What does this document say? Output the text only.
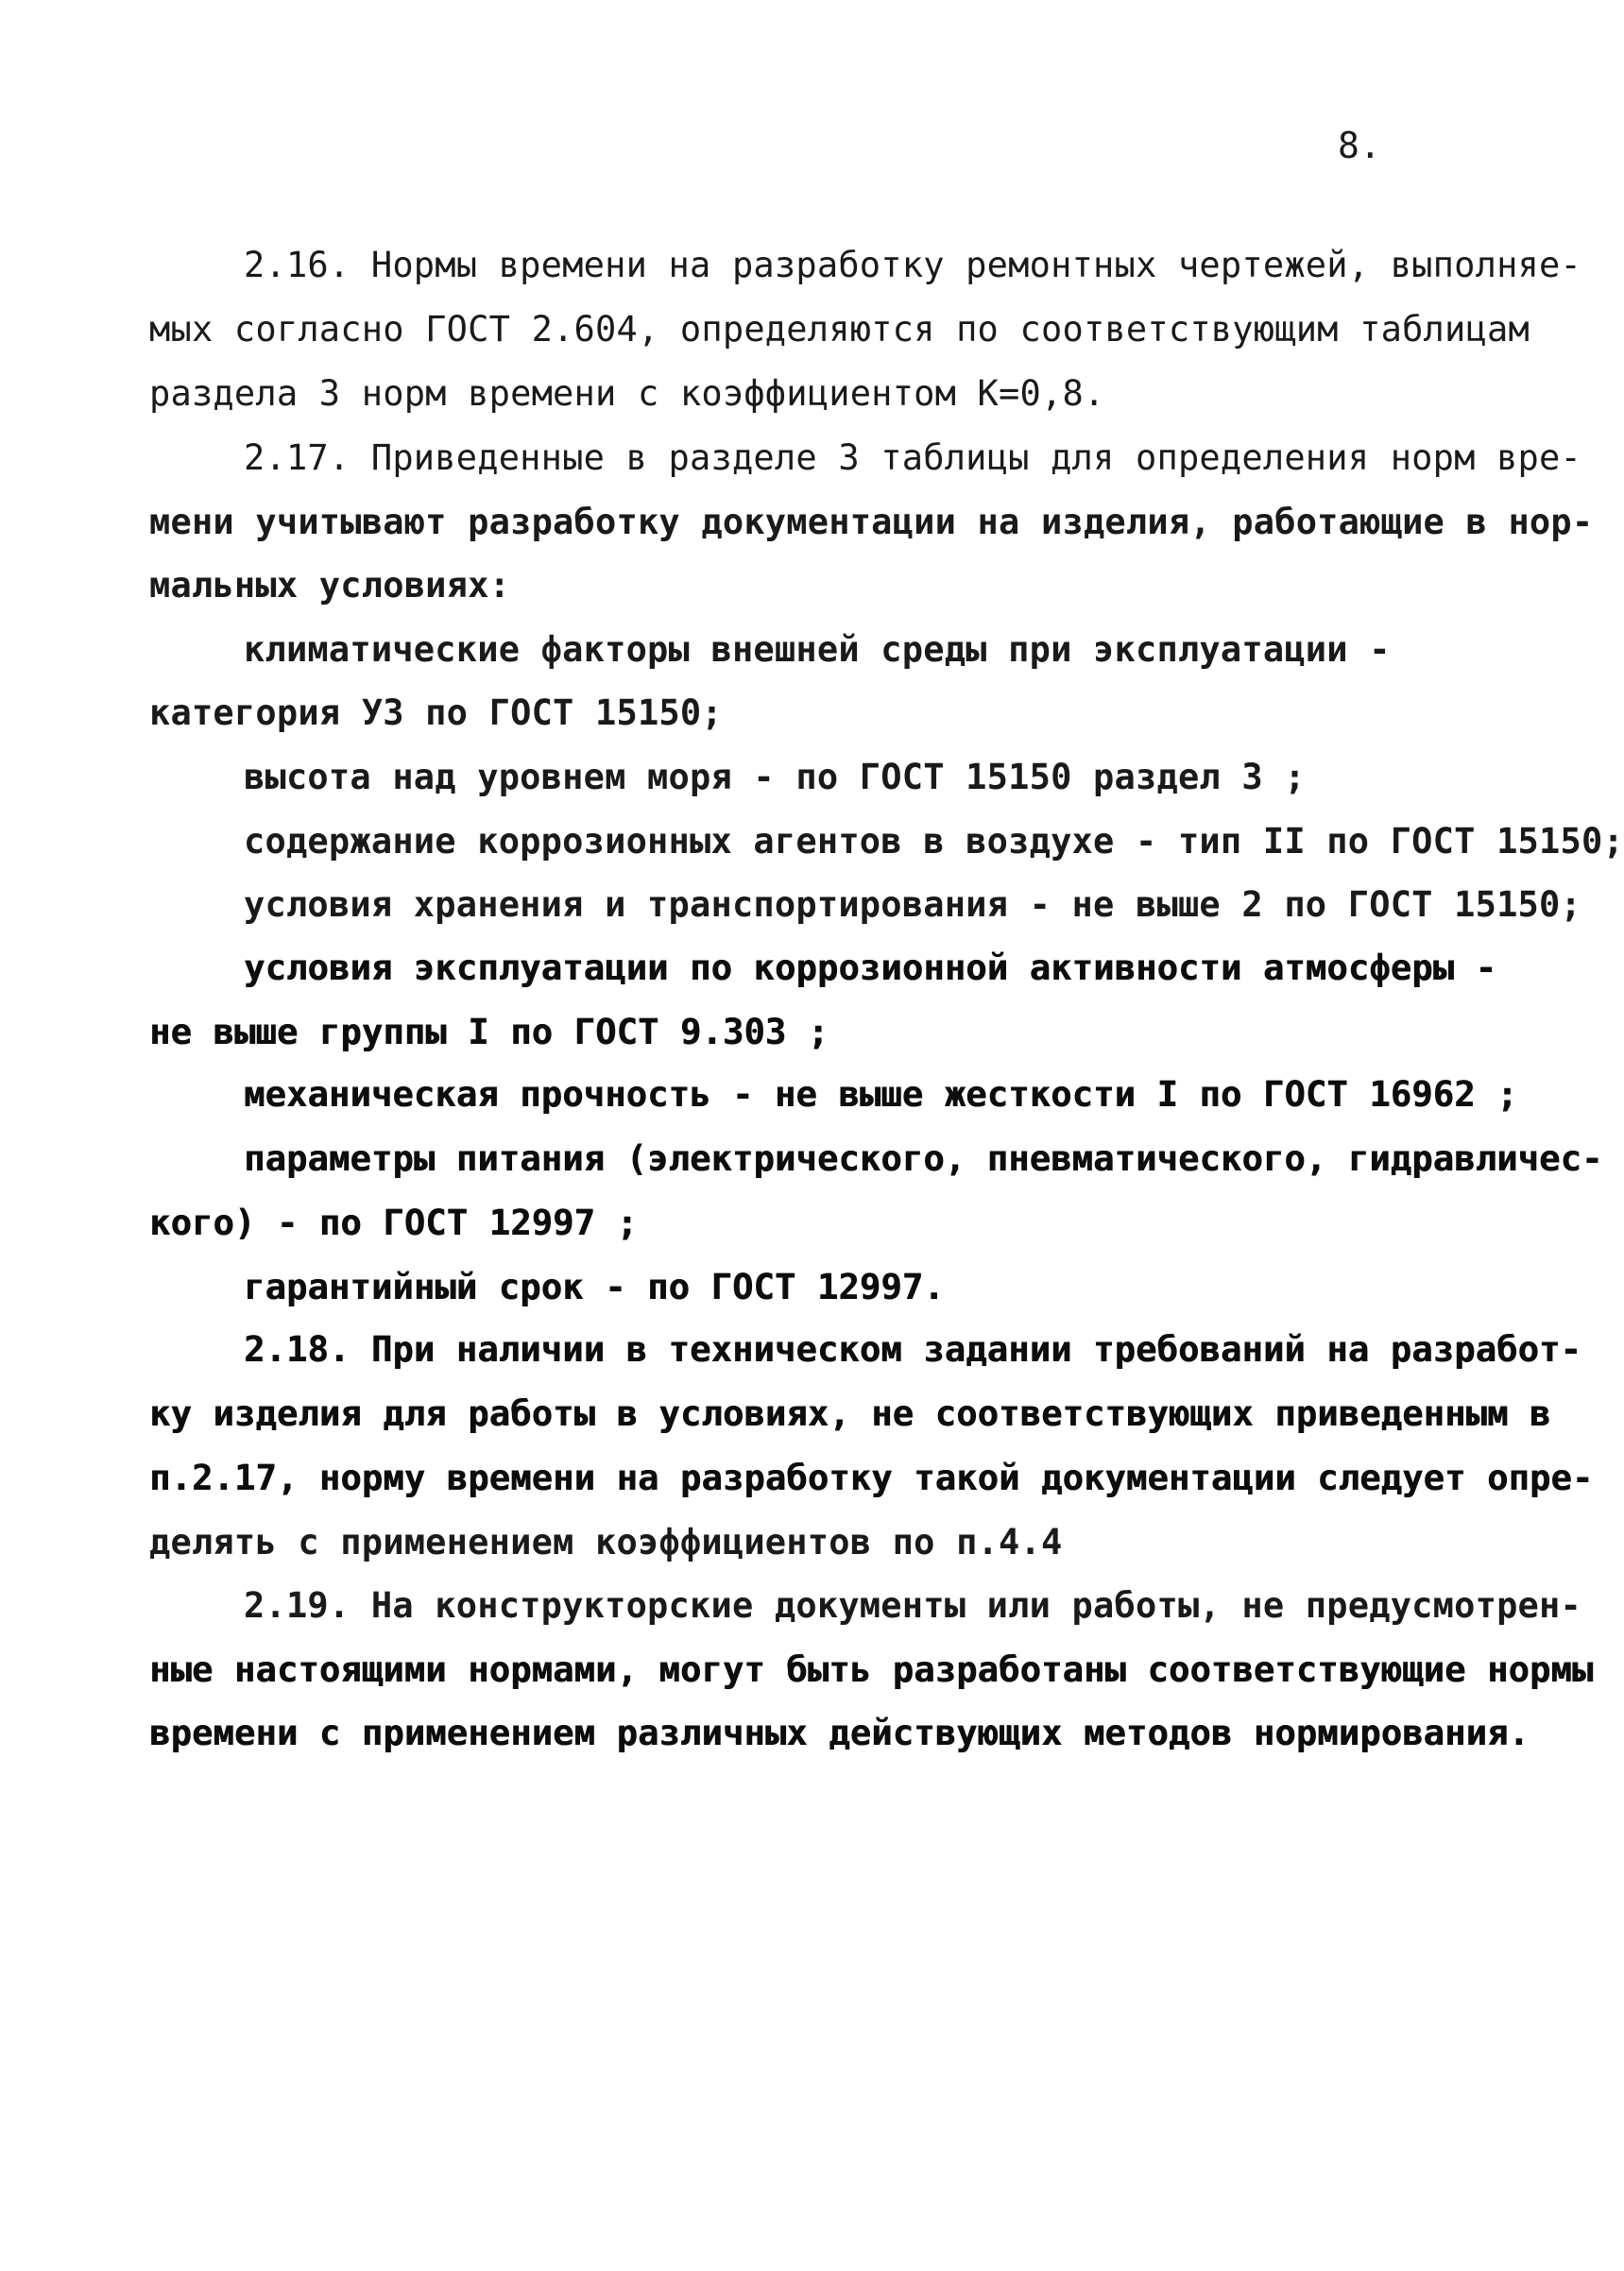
8.
2.16. Нормы времени на разработку ремонтных чертежей, выполняе-
мых согласно ГОСТ 2.604, определяются по соответствующим таблицам
раздела 3 норм времени с коэффициентом К=0,8.
2.17. Приведенные в разделе 3 таблицы для определения норм вре-
мени учитывают разработку документации на изделия, работающие в нор-
мальных условиях:
климатические факторы внешней среды при эксплуатации -
категория У3 по ГОСТ 15150;
высота над уровнем моря - по ГОСТ 15150 раздел 3 ;
содержание коррозионных агентов в воздухе - тип II по ГОСТ 15150;
условия хранения и транспортирования - не выше 2 по ГОСТ 15150;
условия эксплуатации по коррозионной активности атмосферы -
не выше группы I по ГОСТ 9.303 ;
механическая прочность - не выше жесткости I по ГОСТ 16962 ;
параметры питания (электрического, пневматического, гидравличес-
кого) - по ГОСТ 12997 ;
гарантийный срок - по ГОСТ 12997.
2.18. При наличии в техническом задании требований на разработ-
ку изделия для работы в условиях, не соответствующих приведенным в
п.2.17, норму времени на разработку такой документации следует опре-
делять с применением коэффициентов по п.4.4
2.19. На конструкторские документы или работы, не предусмотрен-
ные настоящими нормами, могут быть разработаны соответствующие нормы
времени с применением различных действующих методов нормирования.
